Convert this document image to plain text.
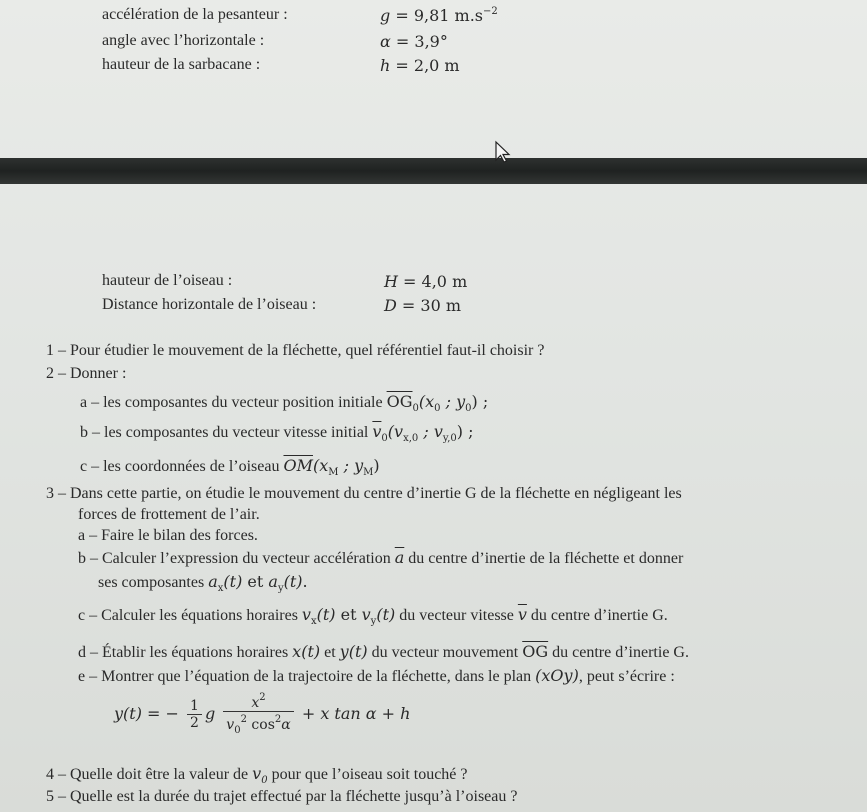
accélération de la pesanteur :	g = 9,81 $m.s^{-2}$
angle avec l’horizontale :	α = 3,9°
hauteur de la sarbacane :	h = 2,0 m
hauteur de l’oiseau :	H = 4,0 m
Distance horizontale de l’oiseau :	D = 30 m
1 – Pour étudier le mouvement de la fléchette, quel référentiel faut-il choisir ?
2 – Donner :
a – les composantes du vecteur position initiale $\overline{OG}_0(x_0$ ; $y_0$) ;
b – les composantes du vecteur vitesse initial $\overline{v}_0(v_{x,0}$ ; $v_{y,0}$) ;
c – les coordonnées de l’oiseau $\overline{OM}(x_M$ ; $y_M$)
3 – Dans cette partie, on étudie le mouvement du centre d’inertie G de la fléchette en négligeant les
forces de frottement de l’air.
a – Faire le bilan des forces.
b – Calculer l’expression du vecteur accélération $\overline{a}$ du centre d’inertie de la fléchette et donner
ses composantes $a_x(t)$ et $a_y(t)$.
c – Calculer les équations horaires $v_x(t)$ et $v_y(t)$ du vecteur vitesse $\overline{v}$ du centre d’inertie G.
d – Établir les équations horaires x(t) et y(t) du vecteur mouvement $\overline{OG}$ du centre d’inertie G.
e – Montrer que l’équation de la trajectoire de la fléchette, dans le plan (xOy), peut s’écrire :
y(t) = − $\frac{1}{2}$ g $\frac{x^2}{v_0^2 \cos^2\alpha} + x$ tan α + h
4 – Quelle doit être la valeur de $v_0$ pour que l’oiseau soit touché ?
5 – Quelle est la durée du trajet effectué par la fléchette jusqu’à l’oiseau ?
